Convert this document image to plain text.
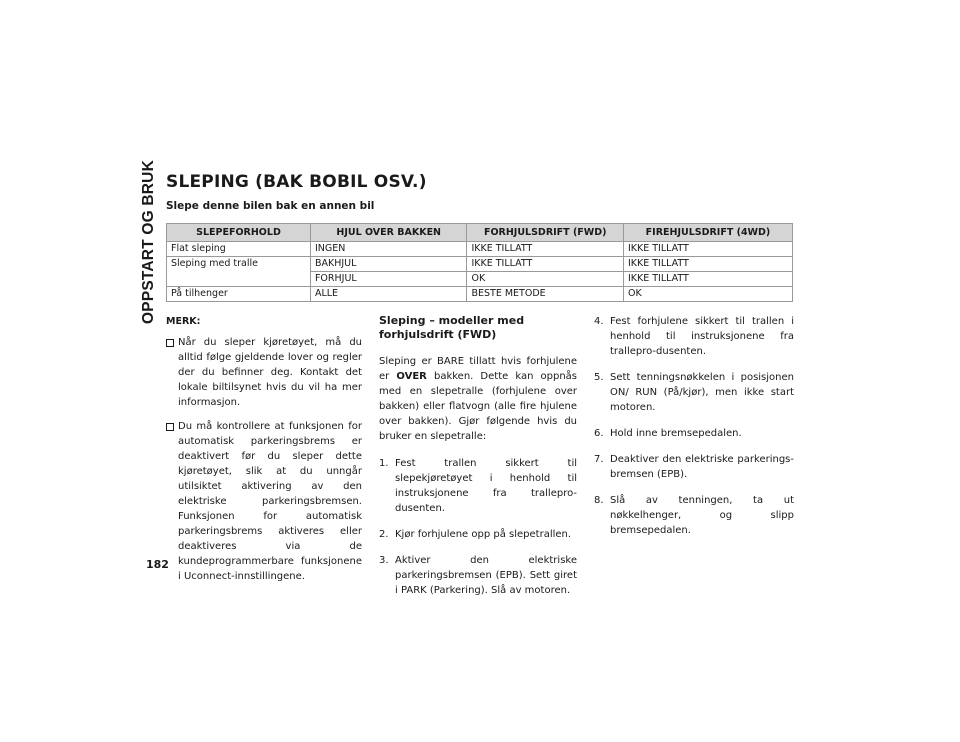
OPPSTART OG BRUK SLEPING (BAK BOBIL OSV.)
Slepe denne bilen bak en annen bil
SLEPEFORHOLD	HJUL OVER BAKKEN	FORHJULSDRIFT (FWD)	FIREHJULSDRIFT (4WD)
Flat sleping	INGEN	IKKE TILLATT	IKKE TILLATT
Sleping med tralle	BAKHJUL	IKKE TILLATT	IKKE TILLATT
	FORHJUL	OK	IKKE TILLATT
På tilhenger	ALLE	BESTE METODE	OK
MERK:
Når du sleper kjøretøyet, må du alltid følge gjeldende lover og regler der du befinner deg. Kontakt det lokale biltilsynet hvis du vil ha mer informasjon.
Du må kontrollere at funksjonen for automatisk parkeringsbrems er deaktivert før du sleper dette kjøretøyet, slik at du unngår utilsiktet aktivering av den elektriske parkeringsbremsen. Funksjonen for automatisk parkeringsbrems aktiveres eller deaktiveres via de kundeprogrammerbare funksjonene i Uconnect-innstillingene.
Sleping – modeller med forhjulsdrift (FWD)

Sleping er BARE tillatt hvis forhjulene er OVER bakken. Dette kan oppnås med en slepetralle (forhjulene over bakken) eller flatvogn (alle fire hjulene over bakken). Gjør følgende hvis du bruker en slepetralle:

1. Fest trallen sikkert til slepekjøretøyet i henhold til instruksjonene fra trallepro-dusenten.
2. Kjør forhjulene opp på slepetrallen.
3. Aktiver den elektriske parkeringsbremsen (EPB). Sett giret i PARK (Parkering). Slå av motoren.
4. Fest forhjulene sikkert til trallen i henhold til instruksjonene fra trallepro-dusenten.
5. Sett tenningsnøkkelen i posisjonen ON/ RUN (På/kjør), men ikke start motoren.
6. Hold inne bremsepedalen.
7. Deaktiver den elektriske parkerings-bremsen (EPB).
8. Slå av tenningen, ta ut nøkkelhenger, og slipp bremsepedalen.
182
